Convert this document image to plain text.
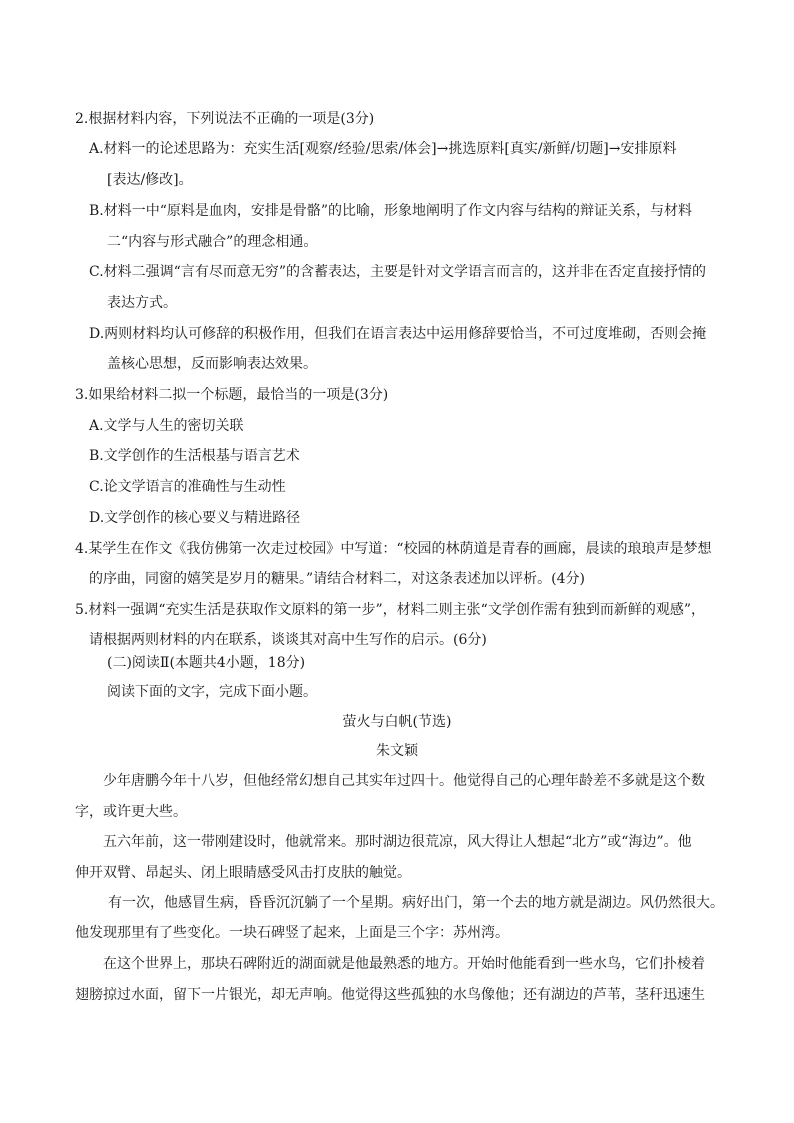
2.根据材料内容，下列说法不正确的一项是(3分)
A.材料一的论述思路为：充实生活[观察/经验/思索/体会]→挑选原料[真实/新鲜/切题]→安排原料
[表达/修改]。
B.材料一中“原料是血肉，安排是骨骼”的比喻，形象地阐明了作文内容与结构的辩证关系，与材料
二“内容与形式融合”的理念相通。
C.材料二强调“言有尽而意无穷”的含蓄表达，主要是针对文学语言而言的，这并非在否定直接抒情的
表达方式。
D.两则材料均认可修辞的积极作用，但我们在语言表达中运用修辞要恰当，不可过度堆砌，否则会掩
盖核心思想，反而影响表达效果。
3.如果给材料二拟一个标题，最恰当的一项是(3分)
A.文学与人生的密切关联
B.文学创作的生活根基与语言艺术
C.论文学语言的准确性与生动性
D.文学创作的核心要义与精进路径
4.某学生在作文《我仿佛第一次走过校园》中写道：“校园的林荫道是青春的画廊，晨读的琅琅声是梦想
的序曲，同窗的嬉笑是岁月的糖果。”请结合材料二，对这条表述加以评析。(4分)
5.材料一强调“充实生活是获取作文原料的第一步”，材料二则主张“文学创作需有独到而新鲜的观感”，
请根据两则材料的内在联系，谈谈其对高中生写作的启示。(6分)
(二)阅读Ⅱ(本题共4小题，18分)
阅读下面的文字，完成下面小题。
萤火与白帆(节选)
朱文颖
少年唐鹏今年十八岁，但他经常幻想自己其实年过四十。他觉得自己的心理年龄差不多就是这个数
字，或许更大些。
五六年前，这一带刚建设时，他就常来。那时湖边很荒凉，风大得让人想起“北方”或“海边”。他
伸开双臂、昂起头、闭上眼睛感受风击打皮肤的触觉。
有一次，他感冒生病，昏昏沉沉躺了一个星期。病好出门，第一个去的地方就是湖边。风仍然很大。
他发现那里有了些变化。一块石碑竖了起来，上面是三个字：苏州湾。
在这个世界上，那块石碑附近的湖面就是他最熟悉的地方。开始时他能看到一些水鸟，它们扑棱着
翅膀掠过水面，留下一片银光，却无声响。他觉得这些孤独的水鸟像他；还有湖边的芦苇，茎秆迅速生
